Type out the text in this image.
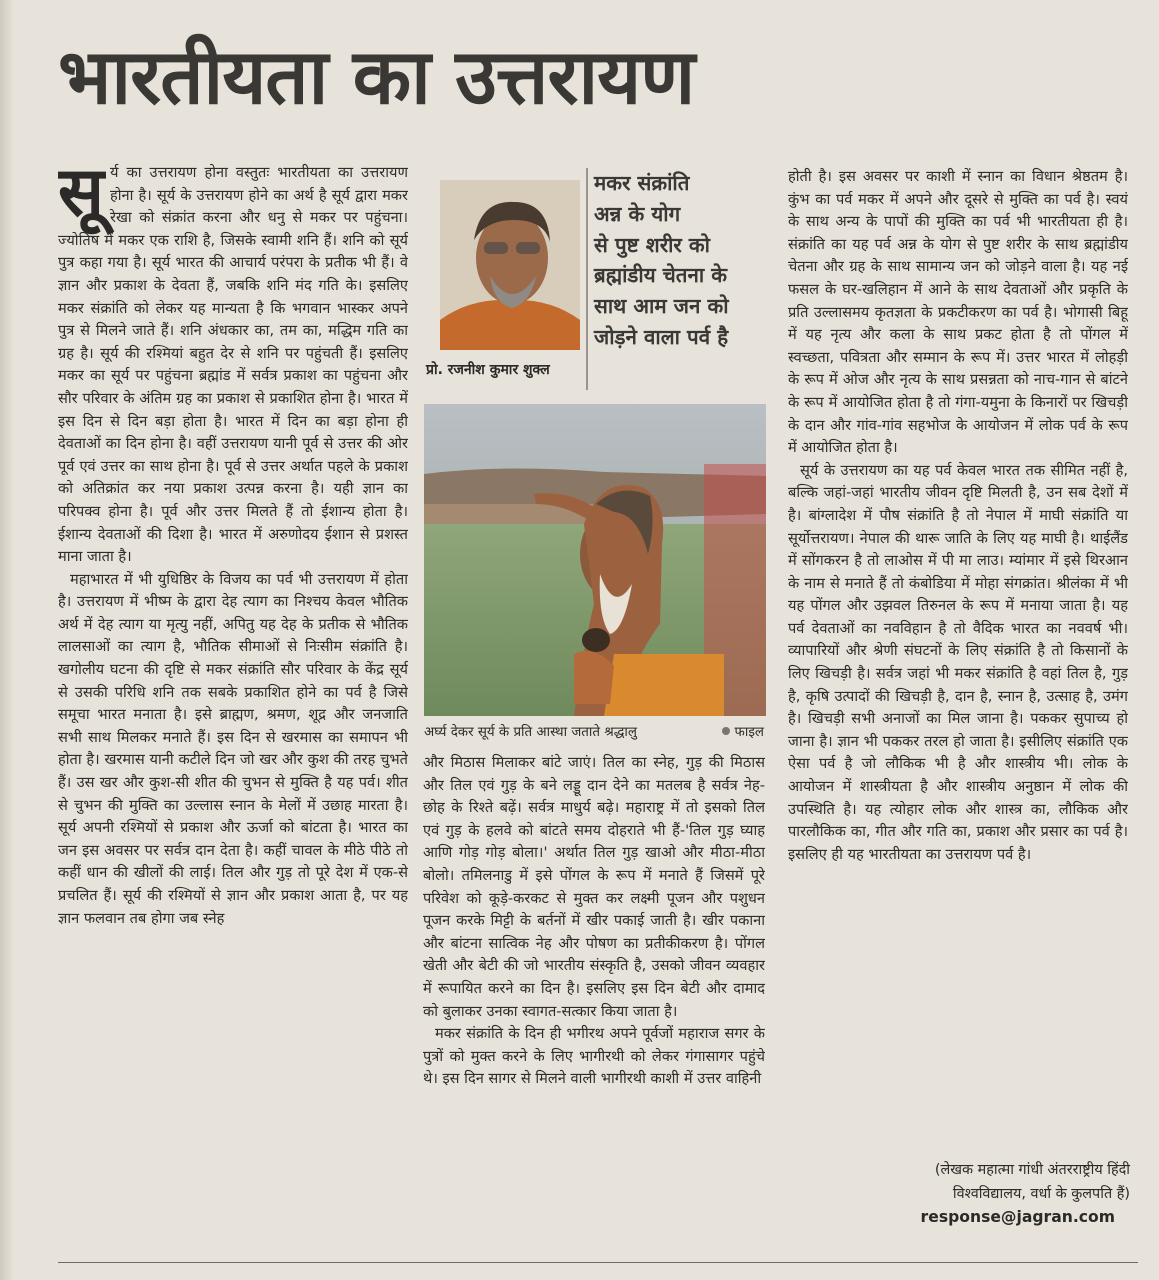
भारतीयता का उत्तरायण

सूर्य का उत्तरायण होना वस्तुतः भारतीयता का उत्तरायण होना है। सूर्य के उत्तरायण होने का अर्थ है सूर्य द्वारा मकर रेखा को संक्रांत करना और धनु से मकर पर पहुंचना। ज्योतिष में मकर एक राशि है, जिसके स्वामी शनि हैं। शनि को सूर्य पुत्र कहा गया है। सूर्य भारत की आचार्य परंपरा के प्रतीक भी हैं। वे ज्ञान और प्रकाश के देवता हैं, जबकि शनि मंद गति के। इसलिए मकर संक्रांति को लेकर यह मान्यता है कि भगवान भास्कर अपने पुत्र से मिलने जाते हैं। शनि अंधकार का, तम का, मद्धिम गति का ग्रह है। सूर्य की रश्मियां बहुत देर से शनि पर पहुंचती हैं। इसलिए मकर का सूर्य पर पहुंचना ब्रह्मांड में सर्वत्र प्रकाश का पहुंचना और सौर परिवार के अंतिम ग्रह का प्रकाश से प्रकाशित होना है। भारत में इस दिन से दिन बड़ा होता है। भारत में दिन का बड़ा होना ही देवताओं का दिन होना है। वहीं उत्तरायण यानी पूर्व से उत्तर की ओर पूर्व एवं उत्तर का साथ होना है। पूर्व से उत्तर अर्थात पहले के प्रकाश को अतिक्रांत कर नया प्रकाश उत्पन्न करना है। यही ज्ञान का परिपक्व होना है। पूर्व और उत्तर मिलते हैं तो ईशान्य होता है। ईशान्य देवताओं की दिशा है। भारत में अरुणोदय ईशान से प्रशस्त माना जाता है।

महाभारत में भी युधिष्ठिर के विजय का पर्व भी उत्तरायण में होता है। उत्तरायण में भीष्म के द्वारा देह त्याग का निश्चय केवल भौतिक अर्थ में देह त्याग या मृत्यु नहीं, अपितु यह देह के प्रतीक से भौतिक लालसाओं का त्याग है, भौतिक सीमाओं से निःसीम संक्रांति है। खगोलीय घटना की दृष्टि से मकर संक्रांति सौर परिवार के केंद्र सूर्य से उसकी परिधि शनि तक सबके प्रकाशित होने का पर्व है जिसे समूचा भारत मनाता है। इसे ब्राह्मण, श्रमण, शूद्र और जनजाति सभी साथ मिलकर मनाते हैं। इस दिन से खरमास का समापन भी होता है। खरमास यानी कटीले दिन जो खर और कुश की तरह चुभते हैं। उस खर और कुश-सी शीत की चुभन से मुक्ति है यह पर्व। शीत से चुभन की मुक्ति का उल्लास स्नान के मेलों में उछाह मारता है। सूर्य अपनी रश्मियों से प्रकाश और ऊर्जा को बांटता है। भारत का जन इस अवसर पर सर्वत्र दान देता है। कहीं चावल के मीठे पीठे तो कहीं धान की खीलों की लाई। तिल और गुड़ तो पूरे देश में एक-से प्रचलित हैं। सूर्य की रश्मियों से ज्ञान और प्रकाश आता है, पर यह ज्ञान फलवान तब होगा जब स्नेह

प्रो. रजनीश कुमार शुक्ल

मकर संक्रांति

अन्न के योग

से पुष्ट शरीर को

ब्रह्मांडीय चेतना के

साथ आम जन को

जोड़ने वाला पर्व है

अर्घ्य देकर सूर्य के प्रति आस्था जताते श्रद्धालु	फाइल

और मिठास मिलाकर बांटे जाएं। तिल का स्नेह, गुड़ की मिठास और तिल एवं गुड़ के बने लड्डू दान देने का मतलब है सर्वत्र नेह-छोह के रिश्ते बढ़ें। सर्वत्र माधुर्य बढ़े। महाराष्ट्र में तो इसको तिल एवं गुड़ के हलवे को बांटते समय दोहराते भी हैं-'तिल गुड़ घ्याह आणि गोड़ गोड़ बोला।' अर्थात तिल गुड़ खाओ और मीठा-मीठा बोलो। तमिलनाडु में इसे पोंगल के रूप में मनाते हैं जिसमें पूरे परिवेश को कूड़े-करकट से मुक्त कर लक्ष्मी पूजन और पशुधन पूजन करके मिट्टी के बर्तनों में खीर पकाई जाती है। खीर पकाना और बांटना सात्विक नेह और पोषण का प्रतीकीकरण है। पोंगल खेती और बेटी की जो भारतीय संस्कृति है, उसको जीवन व्यवहार में रूपायित करने का दिन है। इसलिए इस दिन बेटी और दामाद को बुलाकर उनका स्वागत-सत्कार किया जाता है।

मकर संक्रांति के दिन ही भगीरथ अपने पूर्वजों महाराज सगर के पुत्रों को मुक्त करने के लिए भागीरथी को लेकर गंगासागर पहुंचे थे। इस दिन सागर से मिलने वाली भागीरथी काशी में उत्तर वाहिनी

होती है। इस अवसर पर काशी में स्नान का विधान श्रेष्ठतम है। कुंभ का पर्व मकर में अपने और दूसरे से मुक्ति का पर्व है। स्वयं के साथ अन्य के पापों की मुक्ति का पर्व भी भारतीयता ही है। संक्रांति का यह पर्व अन्न के योग से पुष्ट शरीर के साथ ब्रह्मांडीय चेतना और ग्रह के साथ सामान्य जन को जोड़ने वाला है। यह नई फसल के घर-खलिहान में आने के साथ देवताओं और प्रकृति के प्रति उल्लासमय कृतज्ञता के प्रकटीकरण का पर्व है। भोगासी बिहू में यह नृत्य और कला के साथ प्रकट होता है तो पोंगल में स्वच्छता, पवित्रता और सम्मान के रूप में। उत्तर भारत में लोहड़ी के रूप में ओज और नृत्य के साथ प्रसन्नता को नाच-गान से बांटने के रूप में आयोजित होता है तो गंगा-यमुना के किनारों पर खिचड़ी के दान और गांव-गांव सहभोज के आयोजन में लोक पर्व के रूप में आयोजित होता है।

सूर्य के उत्तरायण का यह पर्व केवल भारत तक सीमित नहीं है, बल्कि जहां-जहां भारतीय जीवन दृष्टि मिलती है, उन सब देशों में है। बांग्लादेश में पौष संक्रांति है तो नेपाल में माघी संक्रांति या सूर्योत्तरायण। नेपाल की थारू जाति के लिए यह माघी है। थाईलैंड में सोंगकरन है तो लाओस में पी मा लाउ। म्यांमार में इसे थिरआन के नाम से मनाते हैं तो कंबोडिया में मोहा संगक्रांत। श्रीलंका में भी यह पोंगल और उझवल तिरुनल के रूप में मनाया जाता है। यह पर्व देवताओं का नवविहान है तो वैदिक भारत का नववर्ष भी। व्यापारियों और श्रेणी संघटनों के लिए संक्रांति है तो किसानों के लिए खिचड़ी है। सर्वत्र जहां भी मकर संक्रांति है वहां तिल है, गुड़ है, कृषि उत्पादों की खिचड़ी है, दान है, स्नान है, उत्साह है, उमंग है। खिचड़ी सभी अनाजों का मिल जाना है। पककर सुपाच्य हो जाना है। ज्ञान भी पककर तरल हो जाता है। इसीलिए संक्रांति एक ऐसा पर्व है जो लौकिक भी है और शास्त्रीय भी। लोक के आयोजन में शास्त्रीयता है और शास्त्रीय अनुष्ठान में लोक की उपस्थिति है। यह त्योहार लोक और शास्त्र का, लौकिक और पारलौकिक का, गीत और गति का, प्रकाश और प्रसार का पर्व है। इसलिए ही यह भारतीयता का उत्तरायण पर्व है।

(लेखक महात्मा गांधी अंतरराष्ट्रीय हिंदी
विश्वविद्यालय, वर्धा के कुलपति हैं)
response@jagran.com
